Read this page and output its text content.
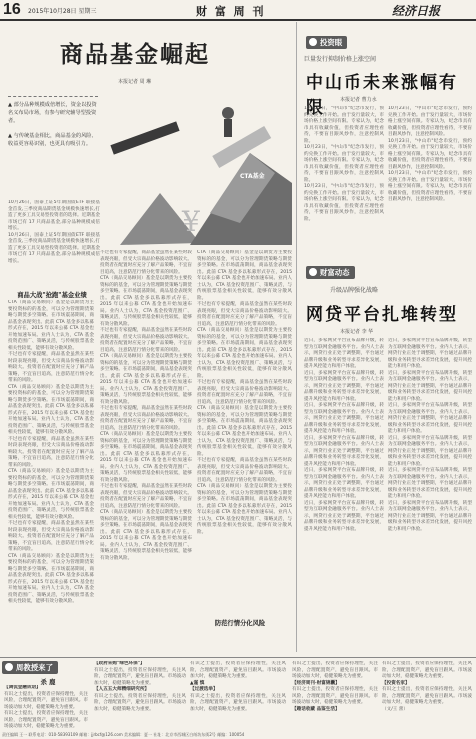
16 2015年10月28日 星期三	财 富 周 刊	经济日报
商品基金崛起
本报记者 周 琳
▲ 部分品种规模成倍增长，资金以投资名义布局市场，有参与研究辅导型投资者。
▲ 与传统基金相比，商品基金的风险、收益更容易识别，也更具有吸引力。

10月26日，国泰上证5年期国债ETF 联接基金首发,三季度商品期货基金规模快速增长,打造了更多工具交易型投资者的选择。近期基金市场已有 17 只商品基金,部分品种规模成倍增长。

10月26日，国泰上证5年期国债ETF 联接基金首发,三季度商品期货基金规模快速增长,打造了更多工具交易型投资者的选择。近期基金市场已有 17 只商品基金,部分品种规模成倍增长。

¥
CTA基金
商品大战"抢跑"基金业绩

CTA（商品交易顾问）基金是以期货为主要投资标的的基金，可以分为管理期货策略与期货多空策略。在市场震荡期间，商品基金表现突出。此前 CTA 基金多以私募形式存在，2015 年以来公募 CTA 基金也开始加速布局。业内人士认为，CTA 基金投资范围广、策略灵活，与传统股票基金相关性较低，能够有效分散风险。

不过也有专家提醒，商品基金虽然在某些时段表现亮眼，但受大宗商品价格波动影响较大。投资者在配置时应充分了解产品策略，不宜盲目追高，注意防范行情分化带来的风险。

CTA（商品交易顾问）基金是以期货为主要投资标的的基金，可以分为管理期货策略与期货多空策略。在市场震荡期间，商品基金表现突出。此前 CTA 基金多以私募形式存在，2015 年以来公募 CTA 基金也开始加速布局。业内人士认为，CTA 基金投资范围广、策略灵活，与传统股票基金相关性较低，能够有效分散风险。

不过也有专家提醒，商品基金虽然在某些时段表现亮眼，但受大宗商品价格波动影响较大。投资者在配置时应充分了解产品策略，不宜盲目追高，注意防范行情分化带来的风险。

CTA（商品交易顾问）基金是以期货为主要投资标的的基金，可以分为管理期货策略与期货多空策略。在市场震荡期间，商品基金表现突出。此前 CTA 基金多以私募形式存在，2015 年以来公募 CTA 基金也开始加速布局。业内人士认为，CTA 基金投资范围广、策略灵活，与传统股票基金相关性较低，能够有效分散风险。

不过也有专家提醒，商品基金虽然在某些时段表现亮眼，但受大宗商品价格波动影响较大。投资者在配置时应充分了解产品策略，不宜盲目追高，注意防范行情分化带来的风险。

CTA（商品交易顾问）基金是以期货为主要投资标的的基金，可以分为管理期货策略与期货多空策略。在市场震荡期间，商品基金表现突出。此前 CTA 基金多以私募形式存在，2015 年以来公募 CTA 基金也开始加速布局。业内人士认为，CTA 基金投资范围广、策略灵活，与传统股票基金相关性较低，能够有效分散风险。

不过也有专家提醒，商品基金虽然在某些时段表现亮眼，但受大宗商品价格波动影响较大。投资者在配置时应充分了解产品策略，不宜盲目追高，注意防范行情分化带来的风险。

CTA（商品交易顾问）基金是以期货为主要投资标的的基金，可以分为管理期货策略与期货多空策略。在市场震荡期间，商品基金表现突出。此前 CTA 基金多以私募形式存在，2015 年以来公募 CTA 基金也开始加速布局。业内人士认为，CTA 基金投资范围广、策略灵活，与传统股票基金相关性较低，能够有效分散风险。

不过也有专家提醒，商品基金虽然在某些时段表现亮眼，但受大宗商品价格波动影响较大。投资者在配置时应充分了解产品策略，不宜盲目追高，注意防范行情分化带来的风险。

CTA（商品交易顾问）基金是以期货为主要投资标的的基金，可以分为管理期货策略与期货多空策略。在市场震荡期间，商品基金表现突出。此前 CTA 基金多以私募形式存在，2015 年以来公募 CTA 基金也开始加速布局。业内人士认为，CTA 基金投资范围广、策略灵活，与传统股票基金相关性较低，能够有效分散风险。

不过也有专家提醒，商品基金虽然在某些时段表现亮眼，但受大宗商品价格波动影响较大。投资者在配置时应充分了解产品策略，不宜盲目追高，注意防范行情分化带来的风险。

CTA（商品交易顾问）基金是以期货为主要投资标的的基金，可以分为管理期货策略与期货多空策略。在市场震荡期间，商品基金表现突出。此前 CTA 基金多以私募形式存在，2015 年以来公募 CTA 基金也开始加速布局。业内人士认为，CTA 基金投资范围广、策略灵活，与传统股票基金相关性较低，能够有效分散风险。

不过也有专家提醒，商品基金虽然在某些时段表现亮眼，但受大宗商品价格波动影响较大。投资者在配置时应充分了解产品策略，不宜盲目追高，注意防范行情分化带来的风险。

CTA（商品交易顾问）基金是以期货为主要投资标的的基金，可以分为管理期货策略与期货多空策略。在市场震荡期间，商品基金表现突出。此前 CTA 基金多以私募形式存在，2015 年以来公募 CTA 基金也开始加速布局。业内人士认为，CTA 基金投资范围广、策略灵活，与传统股票基金相关性较低，能够有效分散风险。

CTA（商品交易顾问）基金是以期货为主要投资标的的基金，可以分为管理期货策略与期货多空策略。在市场震荡期间，商品基金表现突出。此前 CTA 基金多以私募形式存在，2015 年以来公募 CTA 基金也开始加速布局。业内人士认为，CTA 基金投资范围广、策略灵活，与传统股票基金相关性较低，能够有效分散风险。

不过也有专家提醒，商品基金虽然在某些时段表现亮眼，但受大宗商品价格波动影响较大。投资者在配置时应充分了解产品策略，不宜盲目追高，注意防范行情分化带来的风险。

CTA（商品交易顾问）基金是以期货为主要投资标的的基金，可以分为管理期货策略与期货多空策略。在市场震荡期间，商品基金表现突出。此前 CTA 基金多以私募形式存在，2015 年以来公募 CTA 基金也开始加速布局。业内人士认为，CTA 基金投资范围广、策略灵活，与传统股票基金相关性较低，能够有效分散风险。

不过也有专家提醒，商品基金虽然在某些时段表现亮眼，但受大宗商品价格波动影响较大。投资者在配置时应充分了解产品策略，不宜盲目追高，注意防范行情分化带来的风险。

CTA（商品交易顾问）基金是以期货为主要投资标的的基金，可以分为管理期货策略与期货多空策略。在市场震荡期间，商品基金表现突出。此前 CTA 基金多以私募形式存在，2015 年以来公募 CTA 基金也开始加速布局。业内人士认为，CTA 基金投资范围广、策略灵活，与传统股票基金相关性较低，能够有效分散风险。

不过也有专家提醒，商品基金虽然在某些时段表现亮眼，但受大宗商品价格波动影响较大。投资者在配置时应充分了解产品策略，不宜盲目追高，注意防范行情分化带来的风险。

CTA（商品交易顾问）基金是以期货为主要投资标的的基金，可以分为管理期货策略与期货多空策略。在市场震荡期间，商品基金表现突出。此前 CTA 基金多以私募形式存在，2015 年以来公募 CTA 基金也开始加速布局。业内人士认为，CTA 基金投资范围广、策略灵活，与传统股票基金相关性较低，能够有效分散风险。

防范行情分化风险
投资眼
巨量发行抑制价格上涨空间
中山币未来涨幅有限	本报记者 曹力水

10月23日，"中山币"纪念币发行，预约兑换工作开始。由于发行量较大，市场价格上涨空间有限。专家认为，纪念币具有收藏价值，但投资者应理性看待，不要盲目跟风炒作，注意控制风险。

10月23日，"中山币"纪念币发行，预约兑换工作开始。由于发行量较大，市场价格上涨空间有限。专家认为，纪念币具有收藏价值，但投资者应理性看待，不要盲目跟风炒作，注意控制风险。

10月23日，"中山币"纪念币发行，预约兑换工作开始。由于发行量较大，市场价格上涨空间有限。专家认为，纪念币具有收藏价值，但投资者应理性看待，不要盲目跟风炒作，注意控制风险。

10月23日，"中山币"纪念币发行，预约兑换工作开始。由于发行量较大，市场价格上涨空间有限。专家认为，纪念币具有收藏价值，但投资者应理性看待，不要盲目跟风炒作，注意控制风险。

10月23日，"中山币"纪念币发行，预约兑换工作开始。由于发行量较大，市场价格上涨空间有限。专家认为，纪念币具有收藏价值，但投资者应理性看待，不要盲目跟风炒作，注意控制风险。

10月23日，"中山币"纪念币发行，预约兑换工作开始。由于发行量较大，市场价格上涨空间有限。专家认为，纪念币具有收藏价值，但投资者应理性看待，不要盲目跟风炒作，注意控制风险。

财富动态
升级品牌强化战略
网贷平台扎堆转型
本报记者 李 华

近日，多家网贷平台宣布品牌升级，转型为互联网金融服务平台。业内人士表示，网贷行业正处于调整期，平台通过品牌升级和业务转型寻求差异化发展，提升风控能力和用户体验。

近日，多家网贷平台宣布品牌升级，转型为互联网金融服务平台。业内人士表示，网贷行业正处于调整期，平台通过品牌升级和业务转型寻求差异化发展，提升风控能力和用户体验。

近日，多家网贷平台宣布品牌升级，转型为互联网金融服务平台。业内人士表示，网贷行业正处于调整期，平台通过品牌升级和业务转型寻求差异化发展，提升风控能力和用户体验。

近日，多家网贷平台宣布品牌升级，转型为互联网金融服务平台。业内人士表示，网贷行业正处于调整期，平台通过品牌升级和业务转型寻求差异化发展，提升风控能力和用户体验。

近日，多家网贷平台宣布品牌升级，转型为互联网金融服务平台。业内人士表示，网贷行业正处于调整期，平台通过品牌升级和业务转型寻求差异化发展，提升风控能力和用户体验。

近日，多家网贷平台宣布品牌升级，转型为互联网金融服务平台。业内人士表示，网贷行业正处于调整期，平台通过品牌升级和业务转型寻求差异化发展，提升风控能力和用户体验。

近日，多家网贷平台宣布品牌升级，转型为互联网金融服务平台。业内人士表示，网贷行业正处于调整期，平台通过品牌升级和业务转型寻求差异化发展，提升风控能力和用户体验。

近日，多家网贷平台宣布品牌升级，转型为互联网金融服务平台。业内人士表示，网贷行业正处于调整期，平台通过品牌升级和业务转型寻求差异化发展，提升风控能力和用户体验。

近日，多家网贷平台宣布品牌升级，转型为互联网金融服务平台。业内人士表示，网贷行业正处于调整期，平台通过品牌升级和业务转型寻求差异化发展，提升风控能力和用户体验。

近日，多家网贷平台宣布品牌升级，转型为互联网金融服务平台。业内人士表示，网贷行业正处于调整期，平台通过品牌升级和业务转型寻求差异化发展，提升风控能力和用户体验。

近日，多家网贷平台宣布品牌升级，转型为互联网金融服务平台。业内人士表示，网贷行业正处于调整期，平台通过品牌升级和业务转型寻求差异化发展，提升风控能力和用户体验。

近日，多家网贷平台宣布品牌升级，转型为互联网金融服务平台。业内人士表示，网贷行业正处于调整期，平台通过品牌升级和业务转型寻求差异化发展，提升风控能力和用户体验。

周教授来了
杀 鹿

【调侃金融成语】

有识之士提出，投资者应保持理性，关注风险，合理配置资产，避免盲目跟风。市场波动加大时，稳健策略尤为重要。

有识之士提出，投资者应保持理性，关注风险，合理配置资产，避免盲目跟风。市场波动加大时，稳健策略尤为重要。

【政府采购"绿色环保"】

有识之士提出，投资者应保持理性，关注风险，合理配置资产，避免盲目跟风。市场波动加大时，稳健策略尤为重要。

【人五五大师精细研究所】

有识之士提出，投资者应保持理性，关注风险，合理配置资产，避免盲目跟风。市场波动加大时，稳健策略尤为重要。

有识之士提出，投资者应保持理性，关注风险，合理配置资产，避免盲目跟风。市场波动加大时，稳健策略尤为重要。

▲谨 慎

【过渡选举】

有识之士提出，投资者应保持理性，关注风险，合理配置资产，避免盲目跟风。市场波动加大时，稳健策略尤为重要。

有识之士提出，投资者应保持理性，关注风险，合理配置资产，避免盲目跟风。市场波动加大时，稳健策略尤为重要。

【经济周刊·财富锦囊】

有识之士提出，投资者应保持理性，关注风险，合理配置资产，避免盲目跟风。市场波动加大时，稳健策略尤为重要。

【趣话收藏 品鉴生活】

有识之士提出，投资者应保持理性，关注风险，合理配置资产，避免盲目跟风。市场波动加大时，稳健策略尤为重要。

【投资名家】

有识之士提出，投资者应保持理性，关注风险，合理配置资产，避免盲目跟风。市场波动加大时，稳健策略尤为重要。

（文/王 蕾）

责任编辑 王一 联系电话：010-58393109 邮箱：jjrbcf@126.com 美术编辑：夏一 社址：北京市西城区白纸坊东街2号 邮编：100054
